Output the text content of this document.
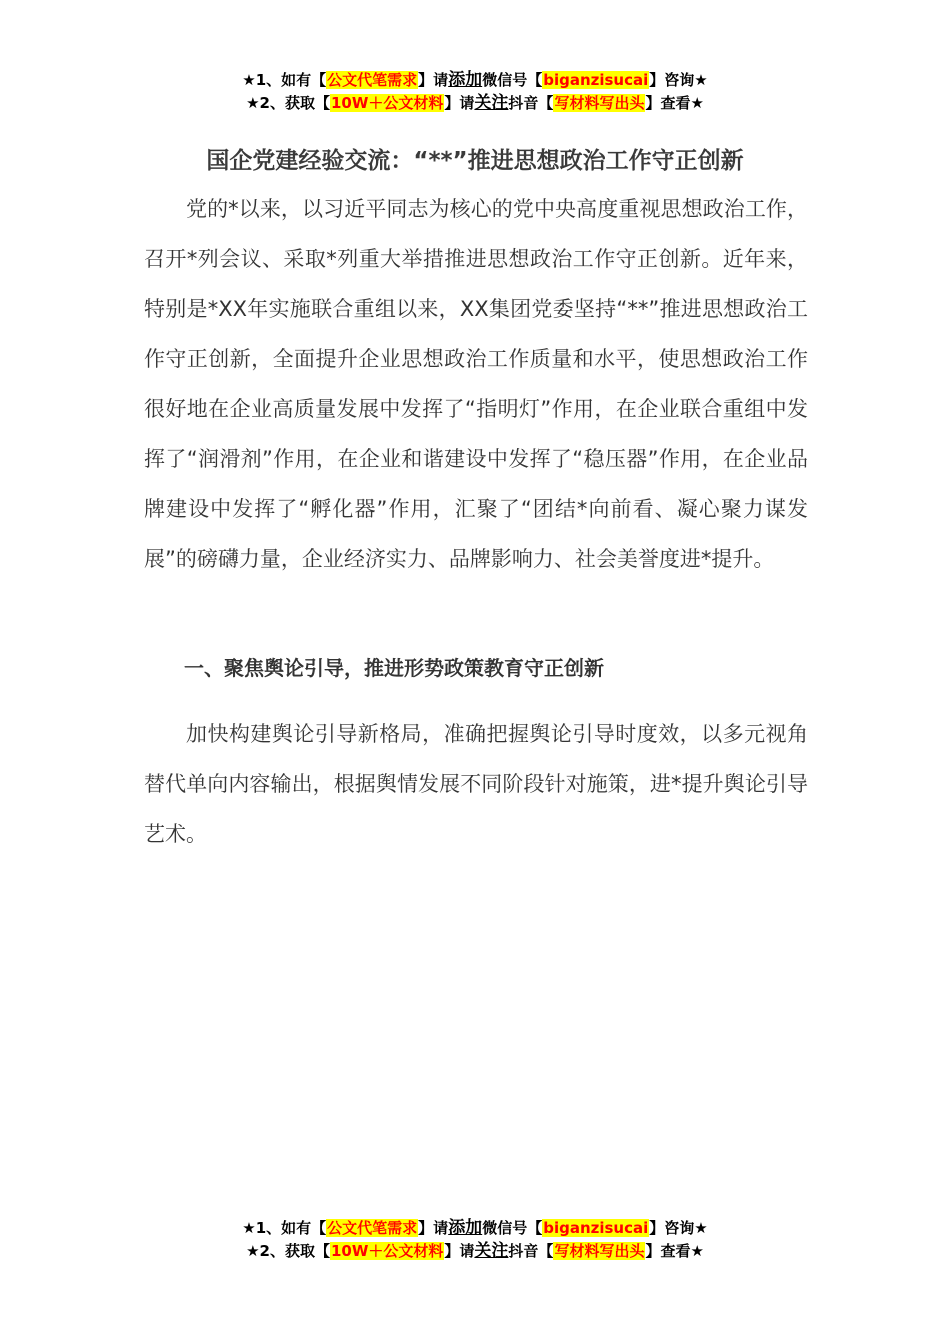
★1、如有【公文代笔需求】请添加微信号【biganzisucai】咨询★
★2、获取【10W＋公文材料】请关注抖音【写材料写出头】查看★
国企党建经验交流：“**”推进思想政治工作守正创新

党的*以来，以习近平同志为核心的党中央高度重视思想政治工作，召开*列会议、采取*列重大举措推进思想政治工作守正创新。近年来，特别是*XX年实施联合重组以来，XX集团党委坚持“**”推进思想政治工作守正创新，全面提升企业思想政治工作质量和水平，使思想政治工作很好地在企业高质量发展中发挥了“指明灯”作用，在企业联合重组中发挥了“润滑剂”作用，在企业和谐建设中发挥了“稳压器”作用，在企业品牌建设中发挥了“孵化器”作用，汇聚了“团结*向前看、凝心聚力谋发展”的磅礴力量，企业经济实力、品牌影响力、社会美誉度进*提升。

一、聚焦舆论引导，推进形势政策教育守正创新

加快构建舆论引导新格局，准确把握舆论引导时度效，以多元视角替代单向内容输出，根据舆情发展不同阶段针对施策，进*提升舆论引导艺术。

★1、如有【公文代笔需求】请添加微信号【biganzisucai】咨询★
★2、获取【10W＋公文材料】请关注抖音【写材料写出头】查看★
